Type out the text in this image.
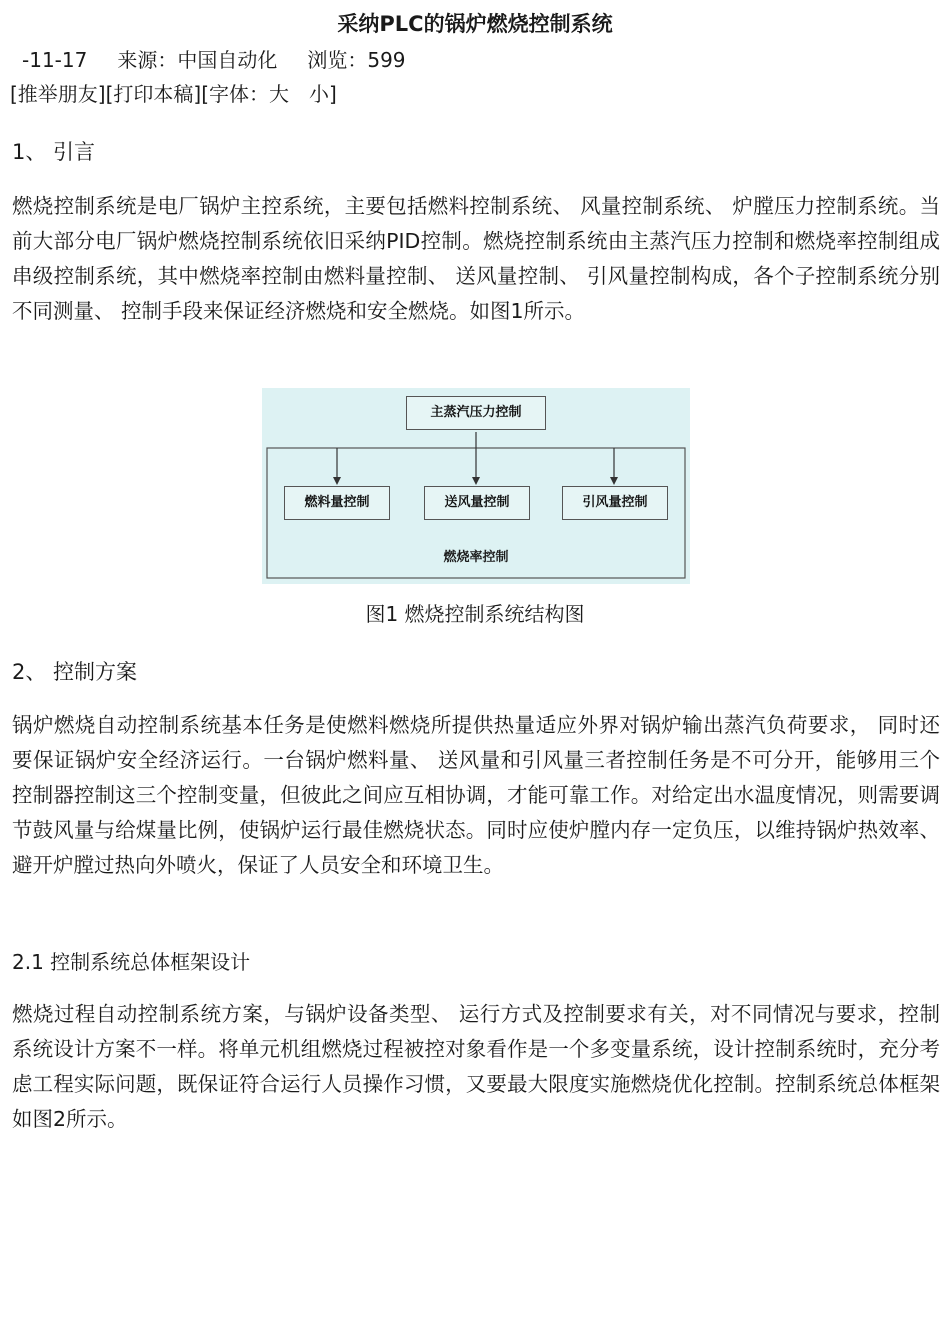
采纳PLC的锅炉燃烧控制系统
-11-17 来源：中国自动化 浏览：599
[推举朋友][打印本稿][字体：大　小]
1、 引言
燃烧控制系统是电厂锅炉主控系统，主要包括燃料控制系统、 风量控制系统、 炉膛压力控制系统。当前大部分电厂锅炉燃烧控制系统依旧采纳PID控制。燃烧控制系统由主蒸汽压力控制和燃烧率控制组成串级控制系统，其中燃烧率控制由燃料量控制、 送风量控制、 引风量控制构成，各个子控制系统分别不同测量、 控制手段来保证经济燃烧和安全燃烧。如图1所示。
主蒸汽压力控制
燃料量控制	送风量控制	引风量控制
燃烧率控制
图1 燃烧控制系统结构图
2、 控制方案
锅炉燃烧自动控制系统基本任务是使燃料燃烧所提供热量适应外界对锅炉输出蒸汽负荷要求， 同时还要保证锅炉安全经济运行。一台锅炉燃料量、 送风量和引风量三者控制任务是不可分开，能够用三个控制器控制这三个控制变量，但彼此之间应互相协调，才能可靠工作。对给定出水温度情况，则需要调节鼓风量与给煤量比例，使锅炉运行最佳燃烧状态。同时应使炉膛内存一定负压，以维持锅炉热效率、 避开炉膛过热向外喷火，保证了人员安全和环境卫生。
2.1 控制系统总体框架设计
燃烧过程自动控制系统方案，与锅炉设备类型、 运行方式及控制要求有关，对不同情况与要求，控制系统设计方案不一样。将单元机组燃烧过程被控对象看作是一个多变量系统，设计控制系统时，充分考虑工程实际问题，既保证符合运行人员操作习惯，又要最大限度实施燃烧优化控制。控制系统总体框架如图2所示。
